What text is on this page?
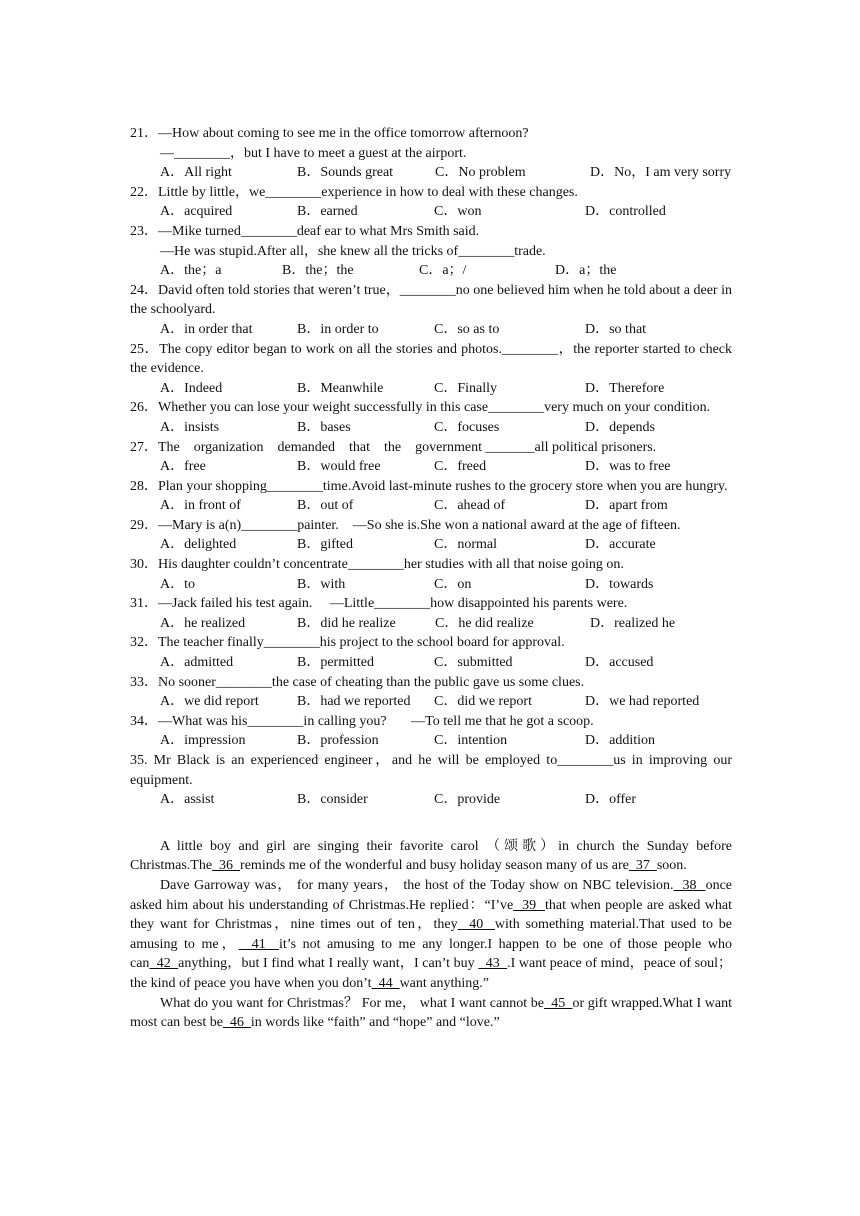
21．—How about coming to see me in the office tomorrow afternoon?
—________，but I have to meet a guest at the airport.
A．All right	B．Sounds great	C．No problem	D．No，I am very sorry
22．Little by little，we________experience in how to deal with these changes.
A．acquired	B．earned	C．won	D．controlled
23．—Mike turned________deaf ear to what Mrs Smith said.
—He was stupid.After all，she knew all the tricks of________trade.
A．the；a	B．the；the	C．a；/	D．a；the
24．David often told stories that weren’t true，________no one believed him when he told about a deer in the schoolyard.
A．in order that	B．in order to	C．so as to	D．so that
25．The copy editor began to work on all the stories and photos.________，the reporter started to check the evidence.
A．Indeed	B．Meanwhile	C．Finally	D．Therefore
26．Whether you can lose your weight successfully in this case________very much on your condition.
A．insists	B．bases	C．focuses	D．depends
27．The    organization    demanded    that    the    government _______all political prisoners.
A．free	B．would free	C．freed	D．was to free
28．Plan your shopping________time.Avoid last-minute rushes to the grocery store when you are hungry.
A．in front of	B．out of	C．ahead of	D．apart from
29．—Mary is a(n)________painter.    —So she is.She won a national award at the age of fifteen.
A．delighted	B．gifted	C．normal	D．accurate
30．His daughter couldn’t concentrate________her studies with all that noise going on.
A．to	B．with	C．on	D．towards
31．—Jack failed his test again.     —Little________how disappointed his parents were.
A．he realized	B．did he realize	C．he did realize	D．realized he
32．The teacher finally________his project to the school board for approval.
A．admitted	B．permitted	C．submitted	D．accused
33．No sooner________the case of cheating than the public gave us some clues.
A．we did report	B．had we reported	C．did we report	D．we had reported
34．—What was his________in calling you?       —To tell me that he got a scoop.
A．impression	B．profession	C．intention	D．addition
35. Mr Black is an experienced engineer，and he will be employed to________us in improving our equipment.
A．assist	B．consider	C．provide	D．offer

A little boy and girl are singing their favorite carol （颂歌）in church the Sunday before Christmas.The  36  reminds me of the wonderful and busy holiday season many of us are  37  soon.

Dave Garroway was， for many years， the host of the Today show on NBC television.  38  once asked him about his understanding of Christmas.He replied：“I’ve  39  that when people are asked what they want for Christmas，nine times out of ten，they  40  with something material.That used to be amusing to me，  41  it’s not amusing to me any longer.I happen to be one of those people who can  42  anything，but I find what I really want，I can’t buy   43  .I want peace of mind，peace of soul；the kind of peace you have when you don’t  44  want anything.”

What do you want for Christmas？ For me， what I want cannot be  45  or gift wrapped.What I want most can best be  46  in words like “faith” and “hope” and “love.”
